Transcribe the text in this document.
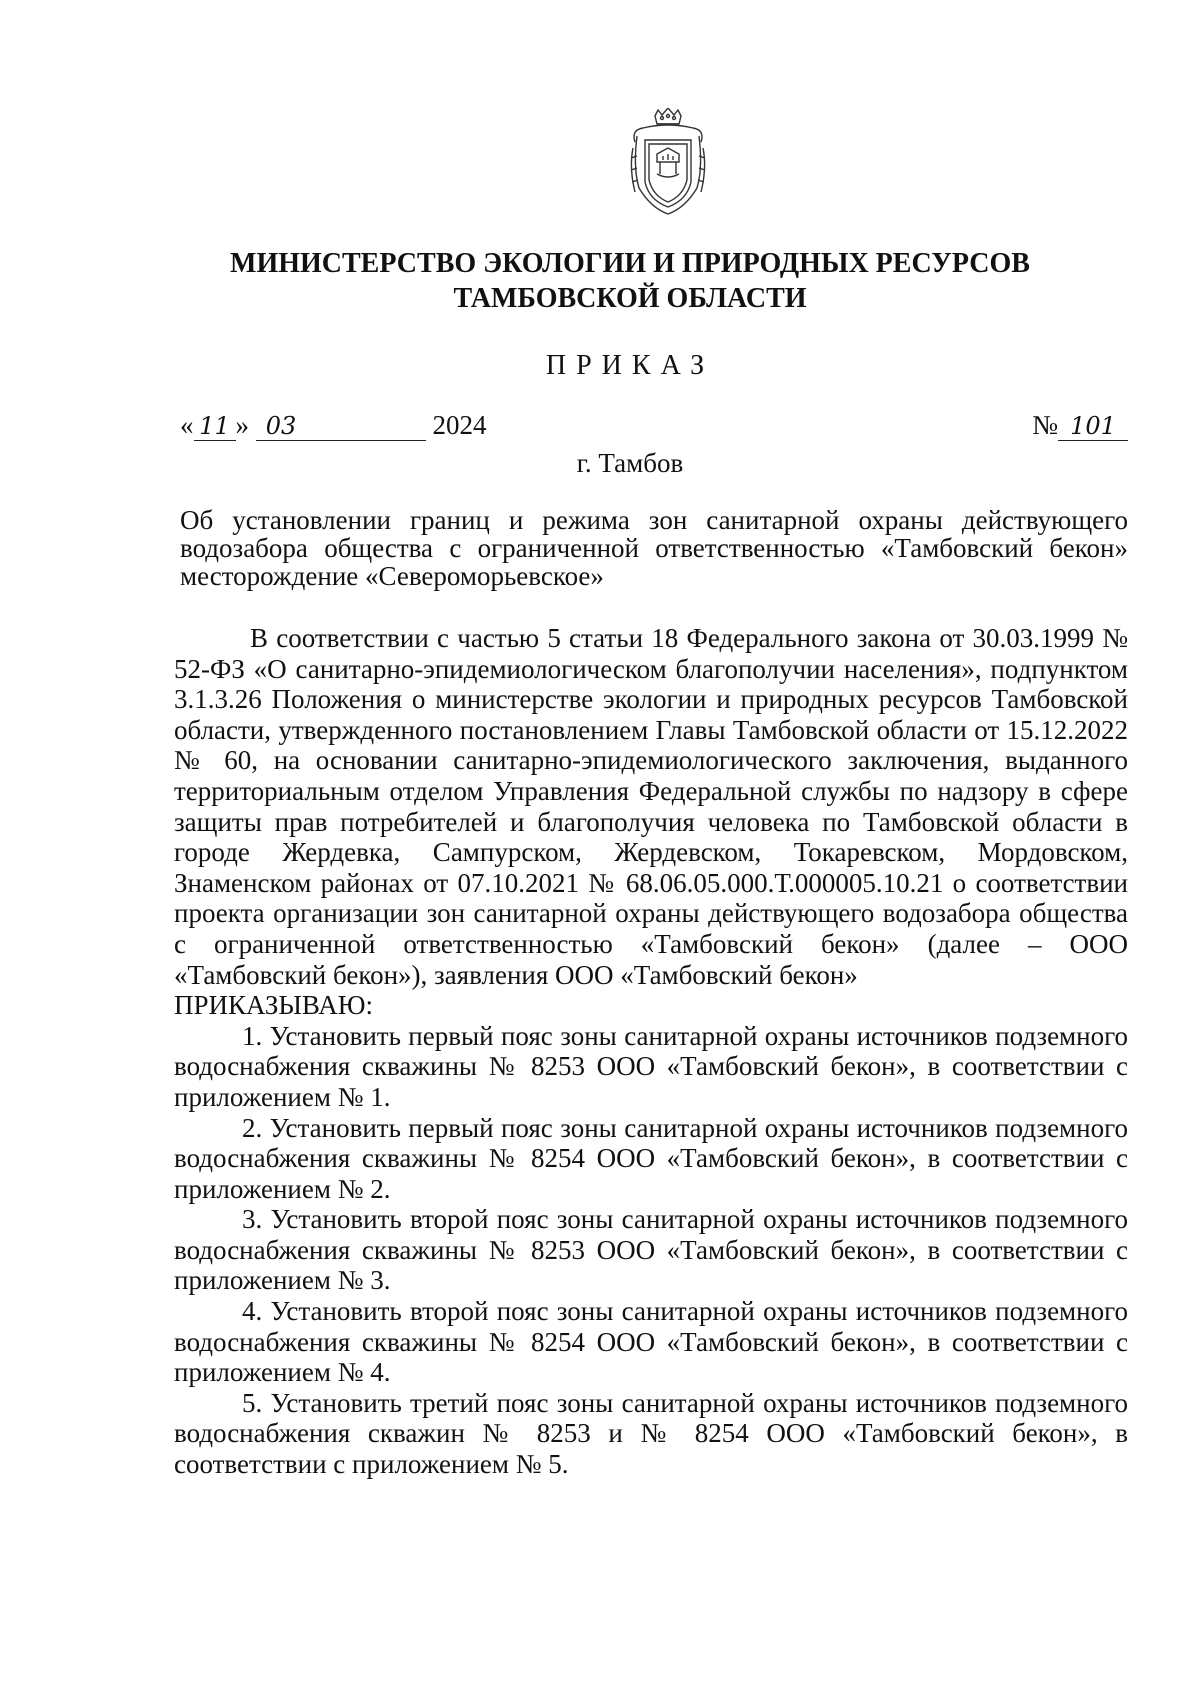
МИНИСТЕРСТВО ЭКОЛОГИИ И ПРИРОДНЫХ РЕСУРСОВ
ТАМБОВСКОЙ ОБЛАСТИ
ПРИКАЗ
« 11 » 03	2024	№ 101
г. Тамбов
Об установлении границ и режима зон санитарной охраны действующего водозабора общества с ограниченной ответственностью «Тамбовский бекон» месторождение «Североморьевское»

В соответствии с частью 5 статьи 18 Федерального закона от 30.03.1999 № 52-ФЗ «О санитарно-эпидемиологическом благополучии населения», подпунктом 3.1.3.26 Положения о министерстве экологии и природных ресурсов Тамбовской области, утвержденного постановлением Главы Тамбовской области от 15.12.2022 № 60, на основании санитарно-эпидемиологического заключения, выданного территориальным отделом Управления Федеральной службы по надзору в сфере защиты прав потребителей и благополучия человека по Тамбовской области в городе Жердевка, Сампурском, Жердевском, Токаревском, Мордовском, Знаменском районах от 07.10.2021 № 68.06.05.000.Т.000005.10.21 о соответствии проекта организации зон санитарной охраны действующего водозабора общества с ограниченной ответственностью «Тамбовский бекон» (далее – ООО «Тамбовский бекон»), заявления ООО «Тамбовский бекон»

ПРИКАЗЫВАЮ:

1. Установить первый пояс зоны санитарной охраны источников подземного водоснабжения скважины № 8253 ООО «Тамбовский бекон», в соответствии с приложением № 1.

2. Установить первый пояс зоны санитарной охраны источников подземного водоснабжения скважины № 8254 ООО «Тамбовский бекон», в соответствии с приложением № 2.

3. Установить второй пояс зоны санитарной охраны источников подземного водоснабжения скважины № 8253 ООО «Тамбовский бекон», в соответствии с приложением № 3.

4. Установить второй пояс зоны санитарной охраны источников подземного водоснабжения скважины № 8254 ООО «Тамбовский бекон», в соответствии с приложением № 4.

5. Установить третий пояс зоны санитарной охраны источников подземного водоснабжения скважин № 8253 и № 8254 ООО «Тамбовский бекон», в соответствии с приложением № 5.
